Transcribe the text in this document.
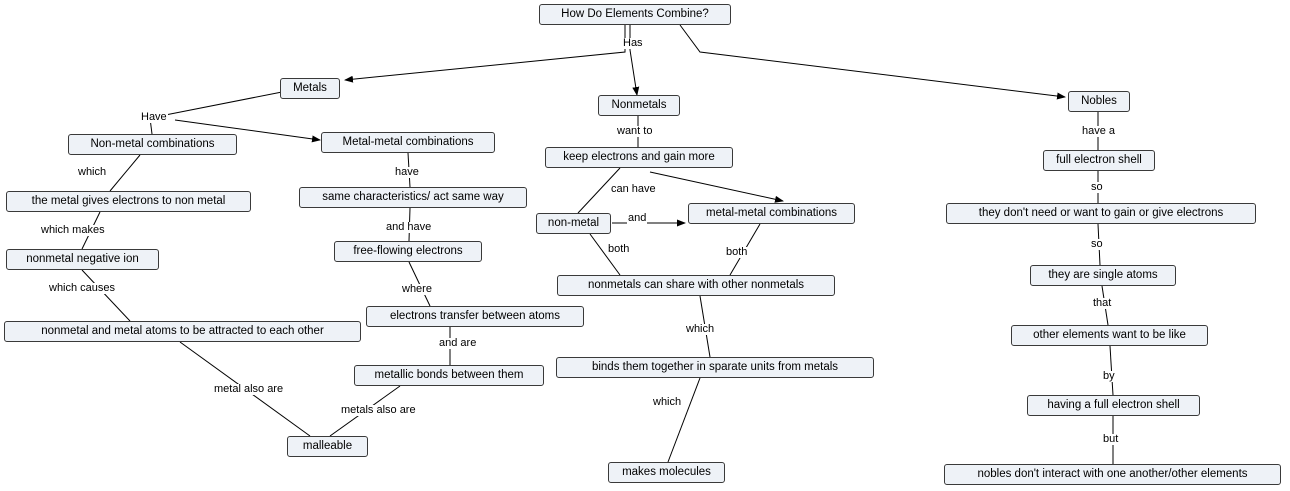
How Do Elements Combine?
Metals
Nonmetals	Nobles
Non-metal combinations	Metal-metal combinations
keep electrons and gain more	full electron shell
the metal gives electrons to non metal	same characteristics/ act same way
non-metal
metal-metal combinations	they don't need or want to gain or give electrons
nonmetal negative ion
free-flowing electrons
they are single atoms
nonmetals can share with other nonmetals
nonmetal and metal atoms to be attracted to each other
electrons transfer between atoms
other elements want to be like
metallic bonds between them
binds them together in sparate units from metals
having a full electron shell
malleable
makes molecules	nobles don't interact with one another/other elements
Has
Have
want to	have a
which	have
can have	so
which makes	and have
and
both	both
so
which causes	where
that
which
and are
by
metal also are
which
metals also are
but
